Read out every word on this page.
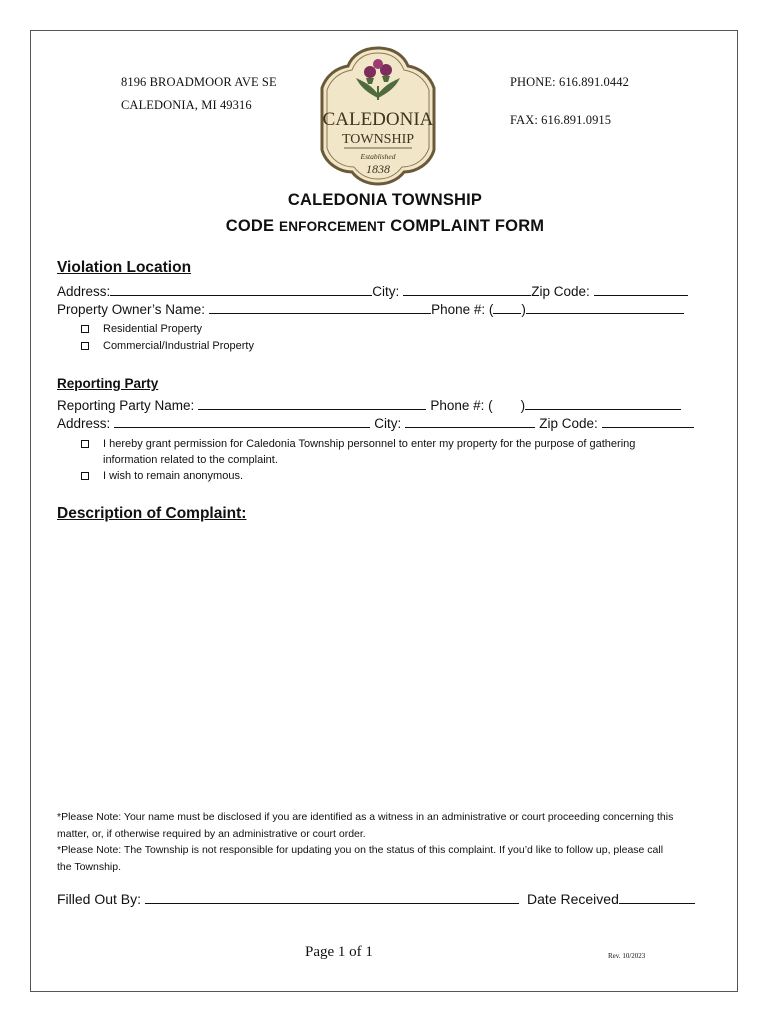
8196 BROADMOOR AVE SE
CALEDONIA, MI 49316
PHONE: 616.891.0442
FAX: 616.891.0915
CALEDONIA
TOWNSHIP
Established
1838
CALEDONIA TOWNSHIP
CODE ENFORCEMENT COMPLAINT FORM
Violation Location
Address:	City:	Zip Code:
Property Owner’s Name:	Phone #: ( )
Residential Property
Commercial/Industrial Property
Reporting Party
Reporting Party Name:	Phone #: ( )
Address:	City:	Zip Code:
I hereby grant permission for Caledonia Township personnel to enter my property for the purpose of gathering
information related to the complaint.
I wish to remain anonymous.
Description of Complaint:
*Please Note: Your name must be disclosed if you are identified as a witness in an administrative or court proceeding concerning this matter, or, if otherwise required by an administrative or court order.
*Please Note: The Township is not responsible for updating you on the status of this complaint. If you’d like to follow up, please call the Township.
Filled Out By:	Date Received
Page 1 of 1	Rev. 10/2023
